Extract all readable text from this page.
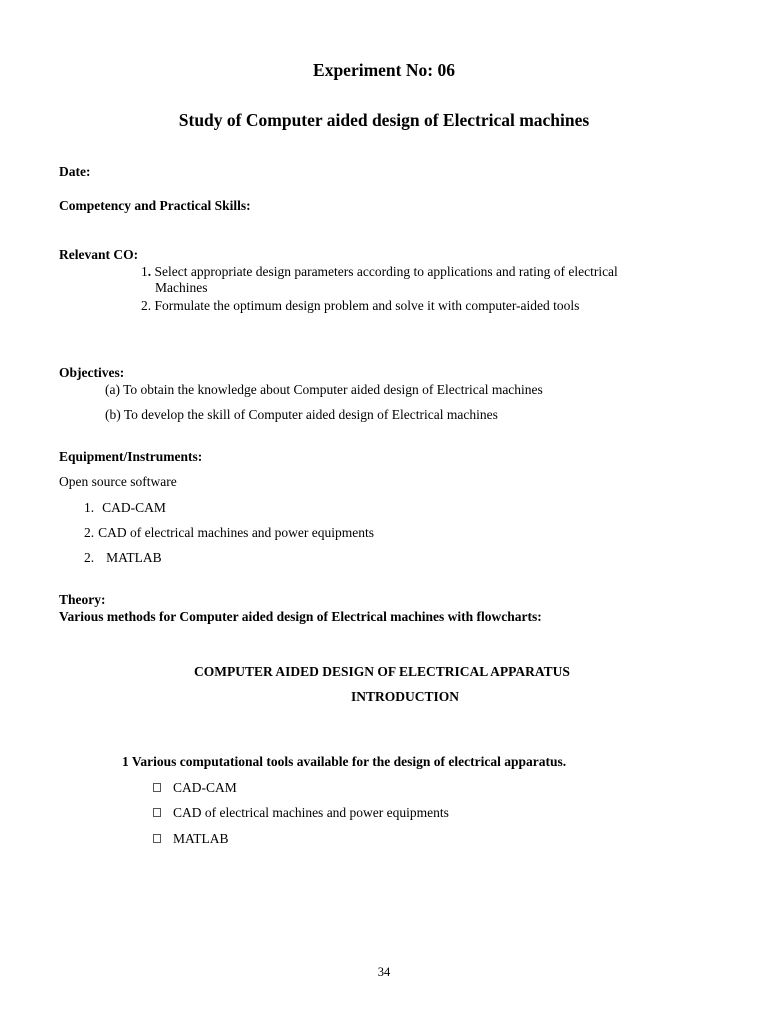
Experiment No: 06
Study of Computer aided design of Electrical machines
Date:
Competency and Practical Skills:
Relevant CO:
1. Select appropriate design parameters according to applications and rating of electrical
Machines
2. Formulate the optimum design problem and solve it with computer-aided tools
Objectives:
(a) To obtain the knowledge about Computer aided design of Electrical machines
(b) To develop the skill of Computer aided design of Electrical machines
Equipment/Instruments:
Open source software
1. CAD-CAM
2. CAD of electrical machines and power equipments
2. MATLAB
Theory:
Various methods for Computer aided design of Electrical machines with flowcharts:
COMPUTER AIDED DESIGN OF ELECTRICAL APPARATUS
INTRODUCTION
1 Various computational tools available for the design of electrical apparatus.
CAD-CAM
CAD of electrical machines and power equipments
MATLAB
34
